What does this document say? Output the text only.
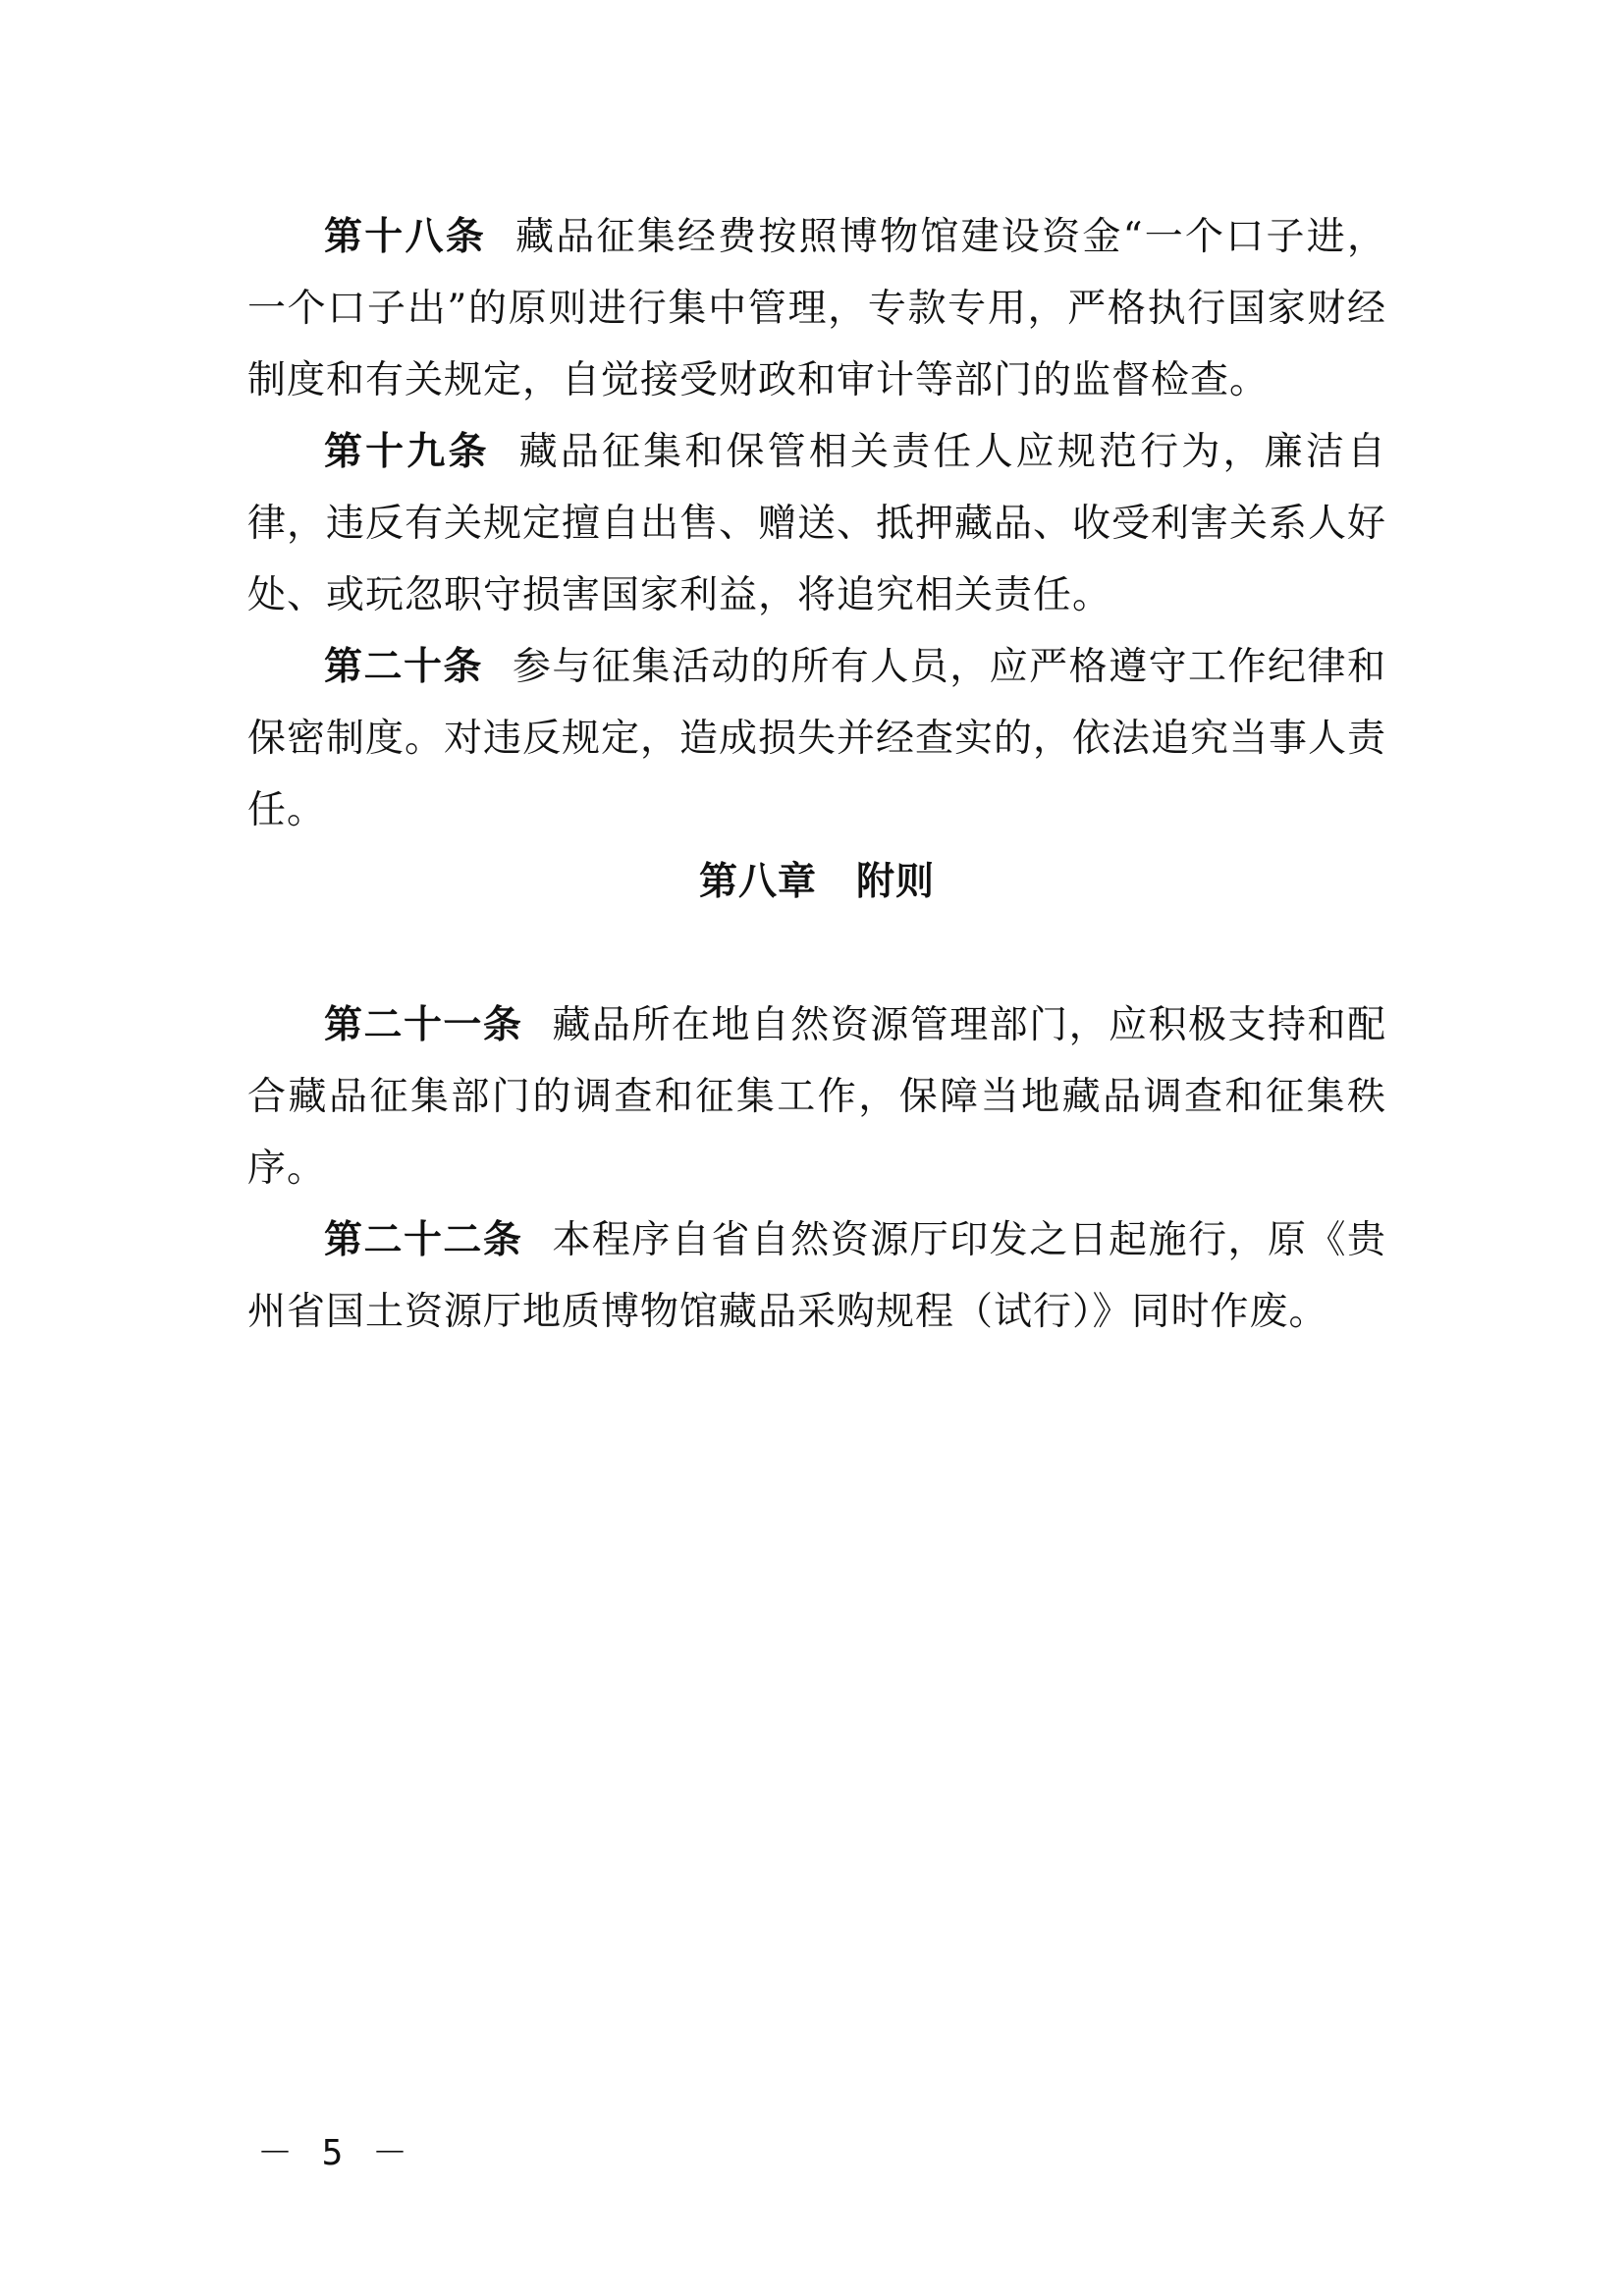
第十八条 藏品征集经费按照博物馆建设资金“一个口子进，一个口子出”的原则进行集中管理，专款专用，严格执行国家财经制度和有关规定，自觉接受财政和审计等部门的监督检查。

第十九条 藏品征集和保管相关责任人应规范行为，廉洁自律，违反有关规定擅自出售、赠送、抵押藏品、收受利害关系人好处、或玩忽职守损害国家利益，将追究相关责任。

第二十条 参与征集活动的所有人员，应严格遵守工作纪律和保密制度。对违反规定，造成损失并经查实的，依法追究当事人责任。

第八章 附则

第二十一条 藏品所在地自然资源管理部门，应积极支持和配合藏品征集部门的调查和征集工作，保障当地藏品调查和征集秩序。

第二十二条 本程序自省自然资源厅印发之日起施行，原《贵州省国土资源厅地质博物馆藏品采购规程（试行）》同时作废。

－ 5 －
